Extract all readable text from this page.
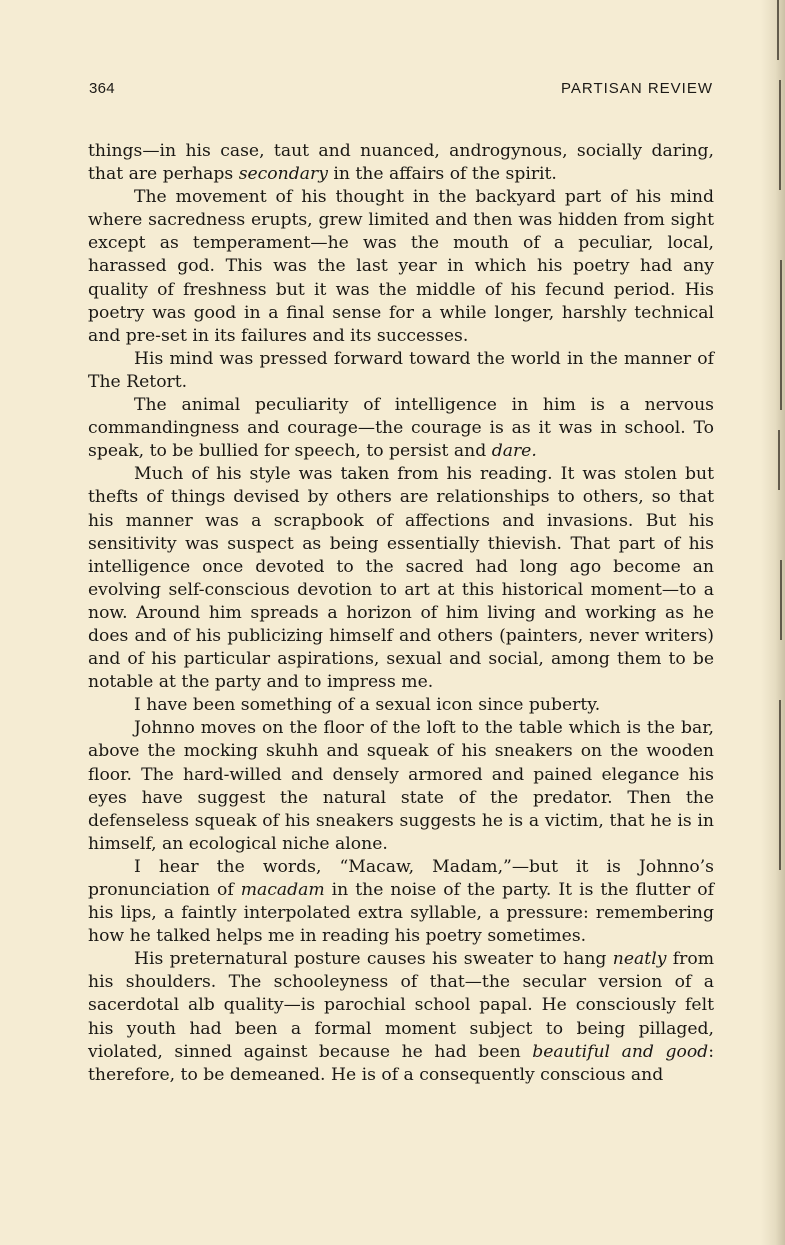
364	PARTISAN REVIEW

things—in his case, taut and nuanced, androgynous, socially daring, that are perhaps secondary in the affairs of the spirit.

The movement of his thought in the backyard part of his mind where sacredness erupts, grew limited and then was hidden from sight except as temperament—he was the mouth of a peculiar, local, harassed god. This was the last year in which his poetry had any quality of freshness but it was the middle of his fecund period. His poetry was good in a final sense for a while longer, harshly technical and pre-set in its failures and its successes.

His mind was pressed forward toward the world in the manner of The Retort.

The animal peculiarity of intelligence in him is a nervous commandingness and courage—the courage is as it was in school. To speak, to be bullied for speech, to persist and dare.

Much of his style was taken from his reading. It was stolen but thefts of things devised by others are relationships to others, so that his manner was a scrapbook of affections and invasions. But his sensitivity was suspect as being essentially thievish. That part of his intelligence once devoted to the sacred had long ago become an evolving self-conscious devotion to art at this historical moment—to a now. Around him spreads a horizon of him living and working as he does and of his publicizing himself and others (painters, never writers) and of his particular aspirations, sexual and social, among them to be notable at the party and to impress me.

I have been something of a sexual icon since puberty.

Johnno moves on the floor of the loft to the table which is the bar, above the mocking skuhh and squeak of his sneakers on the wooden floor. The hard-willed and densely armored and pained elegance his eyes have suggest the natural state of the predator. Then the defenseless squeak of his sneakers suggests he is a victim, that he is in himself, an ecological niche alone.

I hear the words, “Macaw, Madam,”—but it is Johnno’s pronunciation of macadam in the noise of the party. It is the flutter of his lips, a faintly interpolated extra syllable, a pressure: remembering how he talked helps me in reading his poetry sometimes.

His preternatural posture causes his sweater to hang neatly from his shoulders. The schooleyness of that—the secular version of a sacerdotal alb quality—is parochial school papal. He consciously felt his youth had been a formal moment subject to being pillaged, violated, sinned against because he had been beautiful and good: therefore, to be demeaned. He is of a consequently conscious and
